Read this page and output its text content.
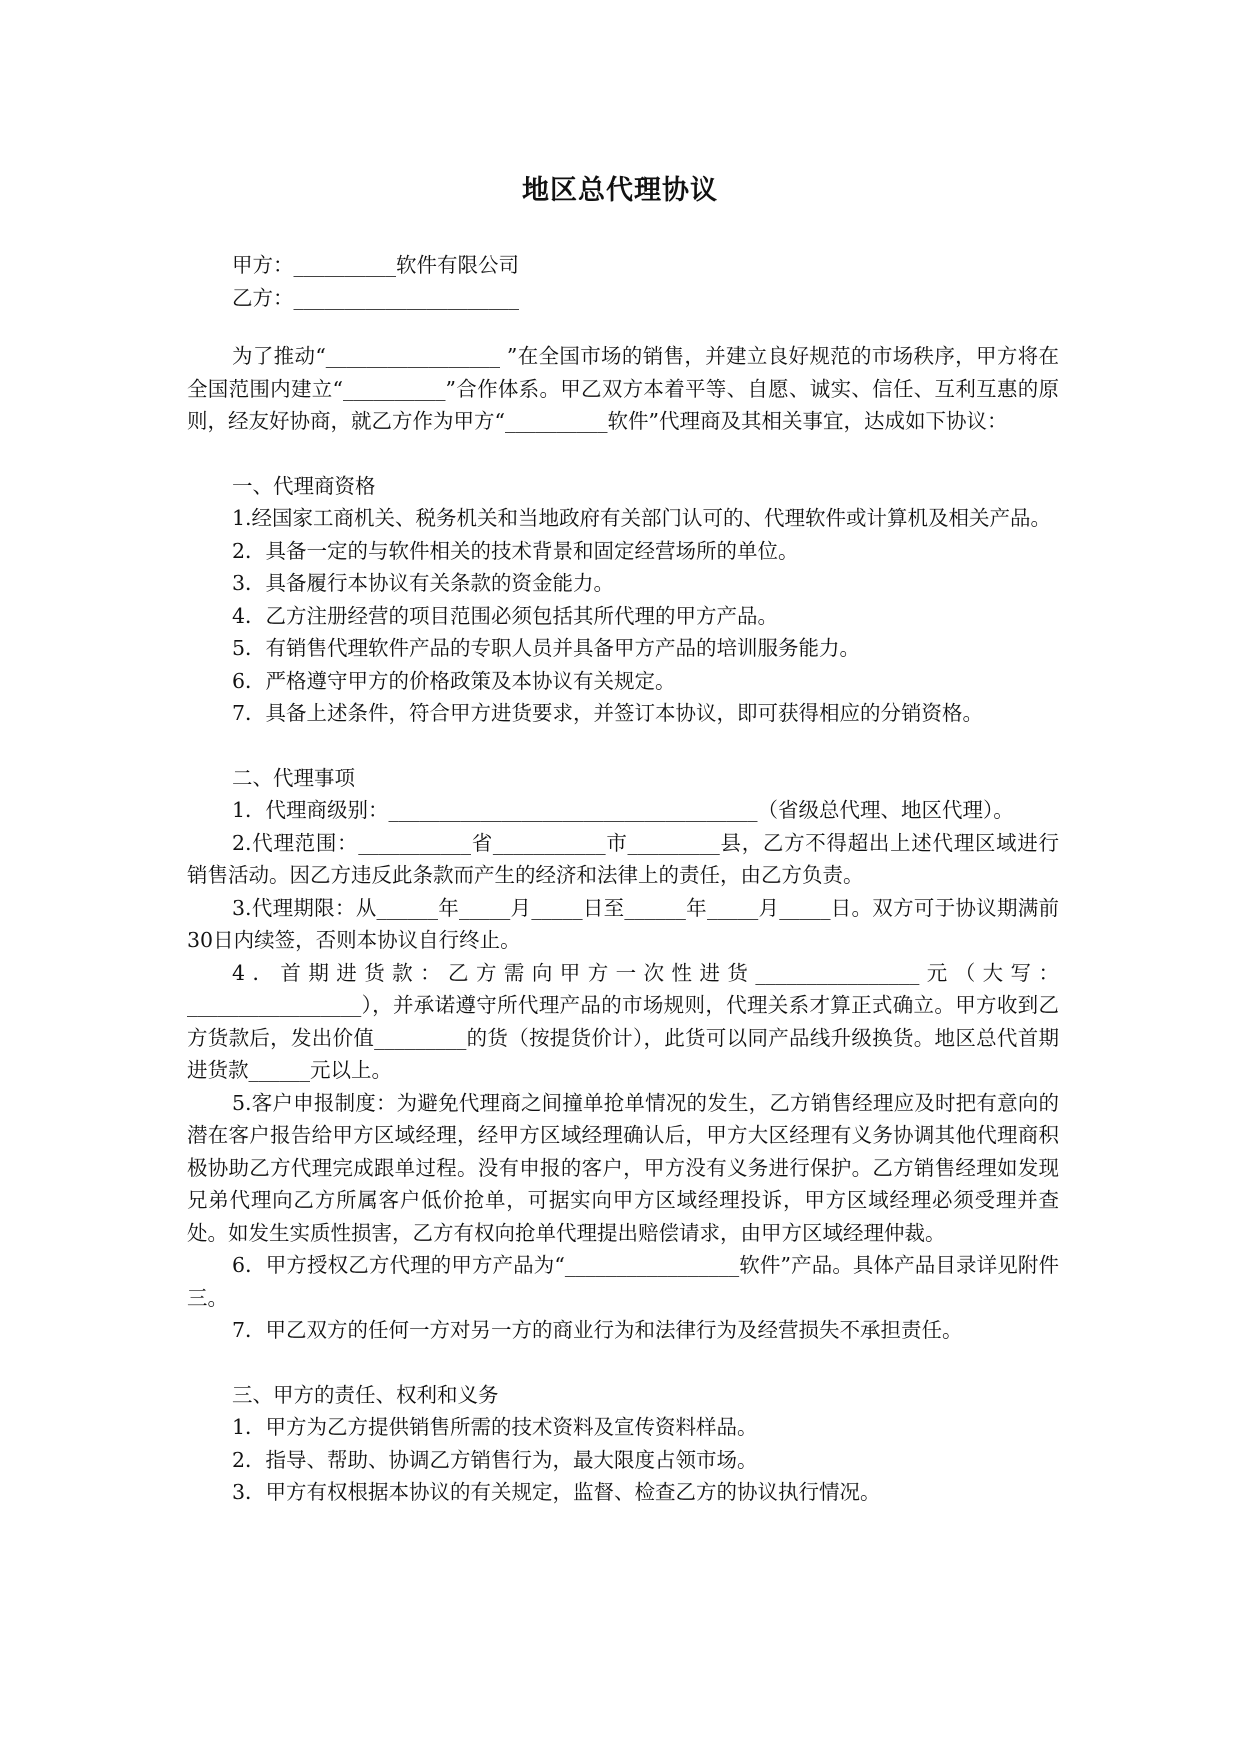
地区总代理协议

甲方：__________软件有限公司

乙方：______________________

为了推动“_________________ ”在全国市场的销售，并建立良好规范的市场秩序，甲方将在全国范围内建立“__________”合作体系。甲乙双方本着平等、自愿、诚实、信任、互利互惠的原则，经友好协商，就乙方作为甲方“__________软件”代理商及其相关事宜，达成如下协议：

一、代理商资格

1.经国家工商机关、税务机关和当地政府有关部门认可的、代理软件或计算机及相关产品。

2．具备一定的与软件相关的技术背景和固定经营场所的单位。

3．具备履行本协议有关条款的资金能力。

4．乙方注册经营的项目范围必须包括其所代理的甲方产品。

5．有销售代理软件产品的专职人员并具备甲方产品的培训服务能力。

6．严格遵守甲方的价格政策及本协议有关规定。

7．具备上述条件，符合甲方进货要求，并签订本协议，即可获得相应的分销资格。

二、代理事项

1．代理商级别：____________________________________（省级总代理、地区代理）。

2.代理范围：___________省___________市_________县，乙方不得超出上述代理区域进行销售活动。因乙方违反此条款而产生的经济和法律上的责任，由乙方负责。

3.代理期限：从______年_____月_____日至______年_____月_____日。双方可于协议期满前30日内续签，否则本协议自行终止。

4．首期进货款：乙方需向甲方一次性进货________________元（大写：_________________），并承诺遵守所代理产品的市场规则，代理关系才算正式确立。甲方收到乙方货款后，发出价值_________的货（按提货价计），此货可以同产品线升级换货。地区总代首期进货款______元以上。

5.客户申报制度：为避免代理商之间撞单抢单情况的发生，乙方销售经理应及时把有意向的潜在客户报告给甲方区域经理，经甲方区域经理确认后，甲方大区经理有义务协调其他代理商积极协助乙方代理完成跟单过程。没有申报的客户，甲方没有义务进行保护。乙方销售经理如发现兄弟代理向乙方所属客户低价抢单，可据实向甲方区域经理投诉，甲方区域经理必须受理并查处。如发生实质性损害，乙方有权向抢单代理提出赔偿请求，由甲方区域经理仲裁。

6．甲方授权乙方代理的甲方产品为“_________________软件”产品。具体产品目录详见附件三。

7．甲乙双方的任何一方对另一方的商业行为和法律行为及经营损失不承担责任。

三、甲方的责任、权利和义务

1．甲方为乙方提供销售所需的技术资料及宣传资料样品。

2．指导、帮助、协调乙方销售行为，最大限度占领市场。

3．甲方有权根据本协议的有关规定，监督、检查乙方的协议执行情况。
